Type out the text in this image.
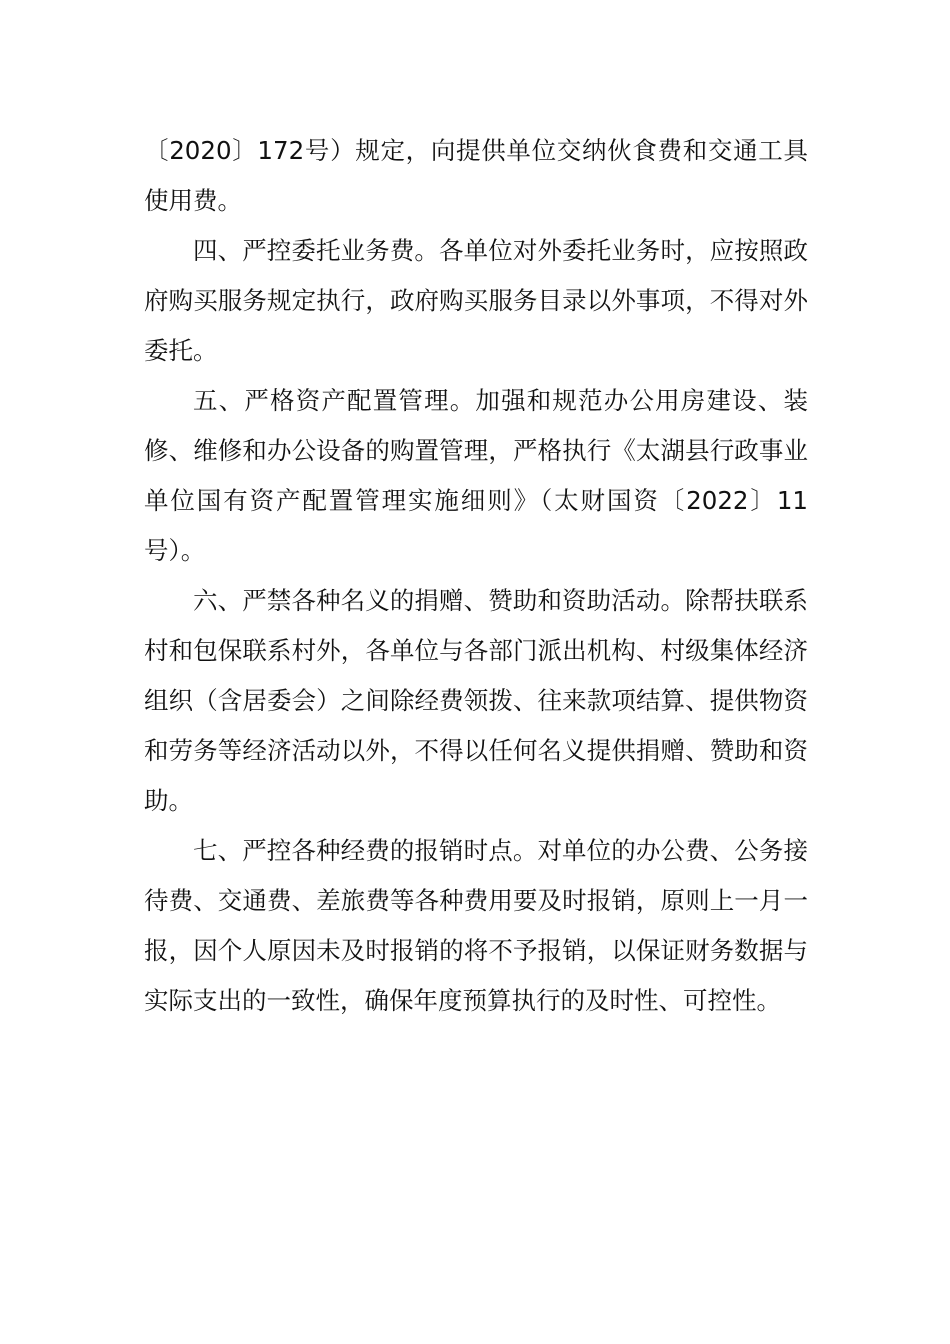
〔2020〕172号）规定，向提供单位交纳伙食费和交通工具使用费。

四、严控委托业务费。各单位对外委托业务时，应按照政府购买服务规定执行，政府购买服务目录以外事项，不得对外委托。

五、严格资产配置管理。加强和规范办公用房建设、装修、维修和办公设备的购置管理，严格执行《太湖县行政事业单位国有资产配置管理实施细则》（太财国资〔2022〕11号）。

六、严禁各种名义的捐赠、赞助和资助活动。除帮扶联系村和包保联系村外，各单位与各部门派出机构、村级集体经济组织（含居委会）之间除经费领拨、往来款项结算、提供物资和劳务等经济活动以外，不得以任何名义提供捐赠、赞助和资助。

七、严控各种经费的报销时点。对单位的办公费、公务接待费、交通费、差旅费等各种费用要及时报销，原则上一月一报，因个人原因未及时报销的将不予报销，以保证财务数据与实际支出的一致性，确保年度预算执行的及时性、可控性。
